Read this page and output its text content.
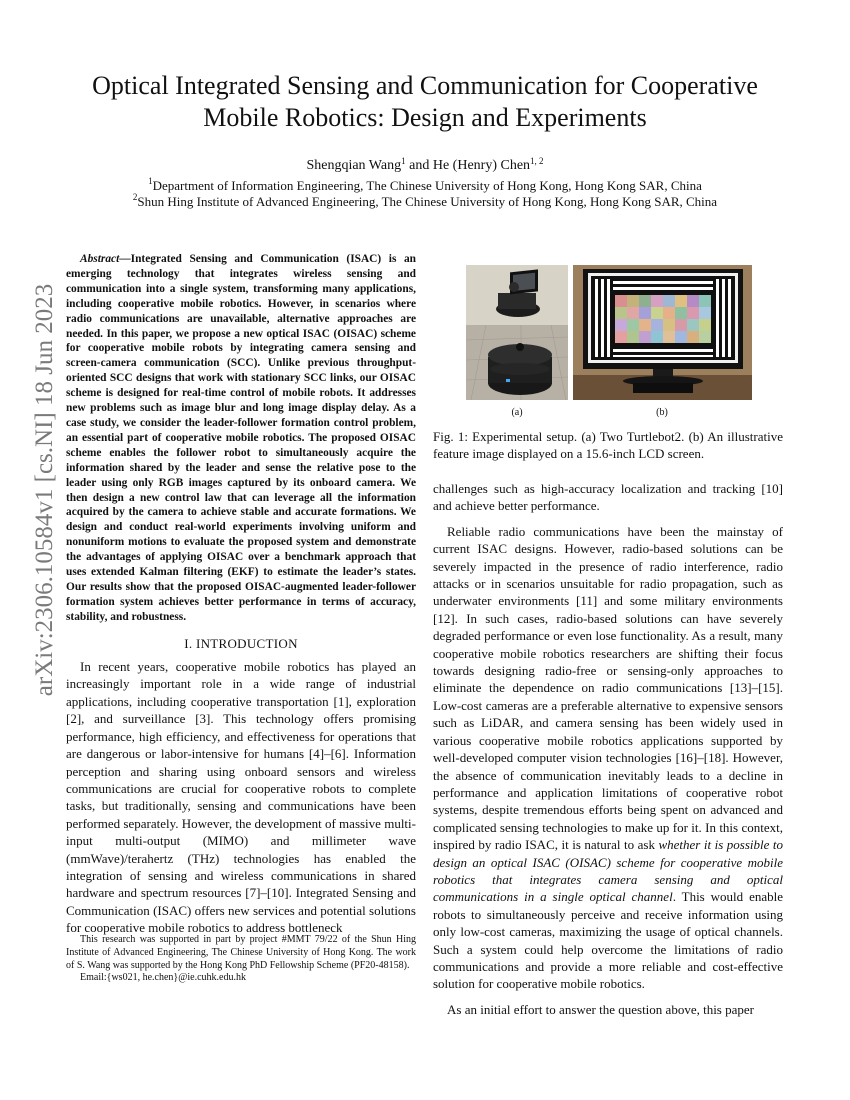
arXiv:2306.10584v1 [cs.NI] 18 Jun 2023
Optical Integrated Sensing and Communication for Cooperative Mobile Robotics: Design and Experiments
Shengqian Wang$^1$ and He (Henry) Chen$^{1, 2}$
$^1$Department of Information Engineering, The Chinese University of Hong Kong, Hong Kong SAR, China
$^2$Shun Hing Institute of Advanced Engineering, The Chinese University of Hong Kong, Hong Kong SAR, China

Abstract—Integrated Sensing and Communication (ISAC) is an emerging technology that integrates wireless sensing and communication into a single system, transforming many applications, including cooperative mobile robotics. However, in scenarios where radio communications are unavailable, alternative approaches are needed. In this paper, we propose a new optical ISAC (OISAC) scheme for cooperative mobile robots by integrating camera sensing and screen-camera communication (SCC). Unlike previous throughput-oriented SCC designs that work with stationary SCC links, our OISAC scheme is designed for real-time control of mobile robots. It addresses new problems such as image blur and long image display delay. As a case study, we consider the leader-follower formation control problem, an essential part of cooperative mobile robotics. The proposed OISAC scheme enables the follower robot to simultaneously acquire the information shared by the leader and sense the relative pose to the leader using only RGB images captured by its onboard camera. We then design a new control law that can leverage all the information acquired by the camera to achieve stable and accurate formations. We design and conduct real-world experiments involving uniform and nonuniform motions to evaluate the proposed system and demonstrate the advantages of applying OISAC over a benchmark approach that uses extended Kalman filtering (EKF) to estimate the leader’s states. Our results show that the proposed OISAC-augmented leader-follower formation system achieves better performance in terms of accuracy, stability, and robustness.

I. INTRODUCTION

In recent years, cooperative mobile robotics has played an increasingly important role in a wide range of industrial applications, including cooperative transportation [1], exploration [2], and surveillance [3]. This technology offers promising performance, high efficiency, and effectiveness for operations that are dangerous or labor-intensive for humans [4]–[6]. Information perception and sharing using onboard sensors and wireless communications are crucial for cooperative robots to complete tasks, but traditionally, sensing and communications have been performed separately. However, the development of massive multi-input multi-output (MIMO) and millimeter wave (mmWave)/terahertz (THz) technologies has enabled the integration of sensing and wireless communications in shared hardware and spectrum resources [7]–[10]. Integrated Sensing and Communication (ISAC) offers new services and potential solutions for cooperative mobile robotics to address bottleneck

This research was supported in part by project #MMT 79/22 of the Shun Hing Institute of Advanced Engineering, The Chinese University of Hong Kong. The work of S. Wang was supported by the Hong Kong PhD Fellowship Scheme (PF20-48158).

Email:{ws021, he.chen}@ie.cuhk.edu.hk

(a)	(b)
Fig. 1: Experimental setup. (a) Two Turtlebot2. (b) An illustrative feature image displayed on a 15.6-inch LCD screen.

challenges such as high-accuracy localization and tracking [10] and achieve better performance.

Reliable radio communications have been the mainstay of current ISAC designs. However, radio-based solutions can be severely impacted in the presence of radio interference, radio attacks or in scenarios unsuitable for radio propagation, such as underwater environments [11] and some military environments [12]. In such cases, radio-based solutions can have severely degraded performance or even lose functionality. As a result, many cooperative mobile robotics researchers are shifting their focus towards designing radio-free or sensing-only approaches to eliminate the dependence on radio communications [13]–[15]. Low-cost cameras are a preferable alternative to expensive sensors such as LiDAR, and camera sensing has been widely used in various cooperative mobile robotics applications supported by well-developed computer vision technologies [16]–[18]. However, the absence of communication inevitably leads to a decline in performance and application limitations of cooperative robot systems, despite tremendous efforts being spent on advanced and complicated sensing technologies to make up for it. In this context, inspired by radio ISAC, it is natural to ask whether it is possible to design an optical ISAC (OISAC) scheme for cooperative mobile robotics that integrates camera sensing and optical communications in a single optical channel. This would enable robots to simultaneously perceive and receive information using only low-cost cameras, maximizing the usage of optical channels. Such a system could help overcome the limitations of radio communications and provide a more reliable and cost-effective solution for cooperative mobile robotics.

As an initial effort to answer the question above, this paper
